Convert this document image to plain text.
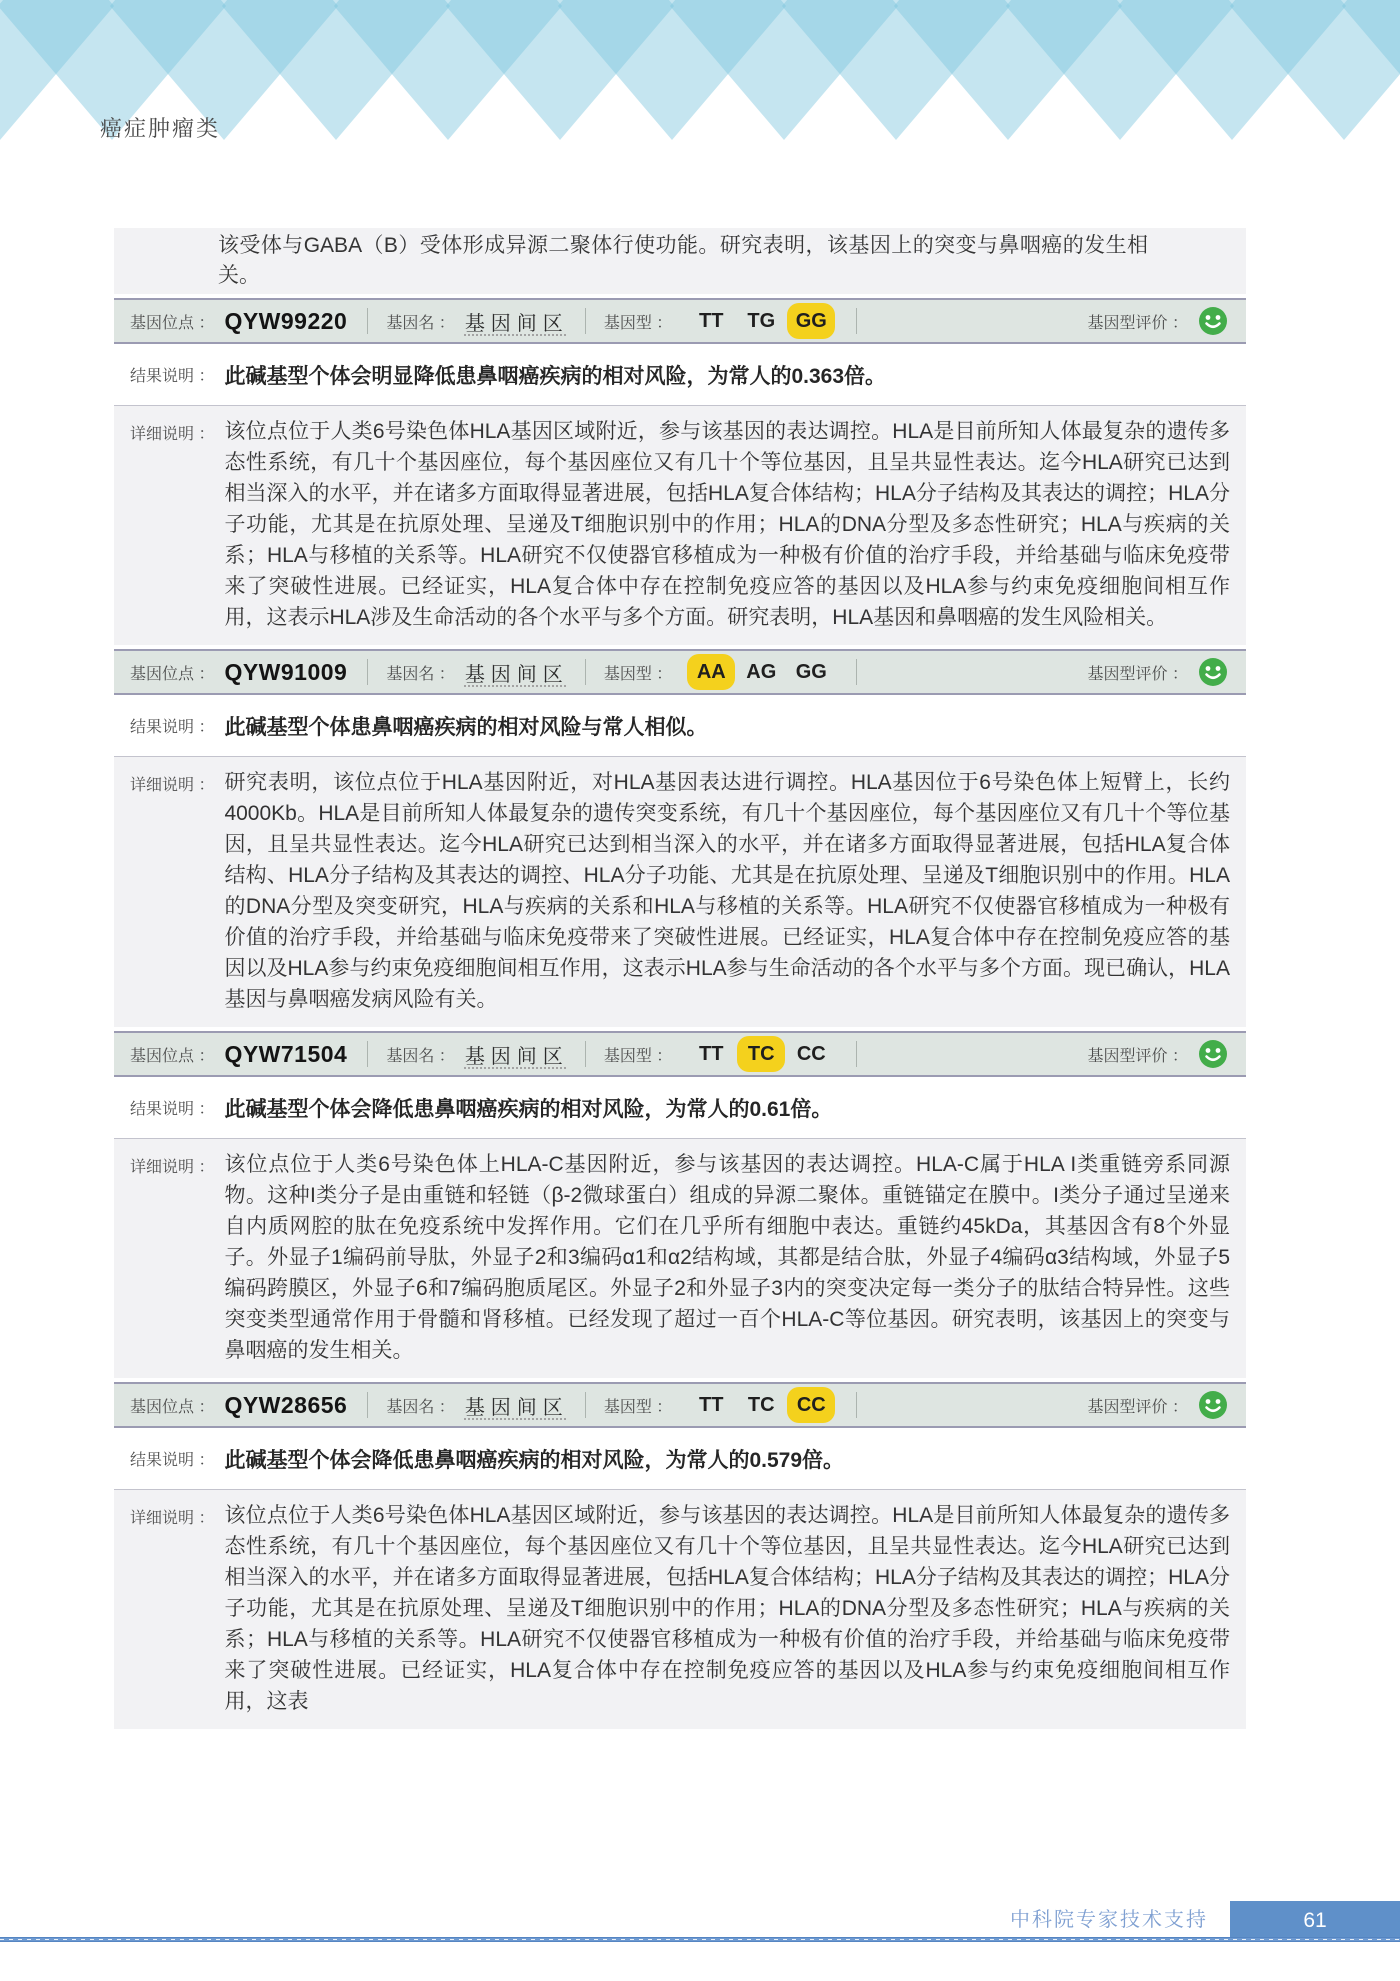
癌症肿瘤类

该受体与GABA（B）受体形成异源二聚体行使功能。研究表明，该基因上的突变与鼻咽癌的发生相关。

基因位点 ： QYW99220 基因名 ： 基因间区 基因型 ：	TT	TG	GG	基因型评价 ：
结果说明 ： 此碱基型个体会明显降低患鼻咽癌疾病的相对风险，为常人的0.363倍。
详细说明 ： 该位点位于人类6号染色体HLA基因区域附近，参与该基因的表达调控。HLA是目前所知人体最复杂的遗传多态性系统，有几十个基因座位，每个基因座位又有几十个等位基因，且呈共显性表达。迄今HLA研究已达到相当深入的水平，并在诸多方面取得显著进展，包括HLA复合体结构；HLA分子结构及其表达的调控；HLA分子功能，尤其是在抗原处理、呈递及T细胞识别中的作用；HLA的DNA分型及多态性研究；HLA与疾病的关系；HLA与移植的关系等。HLA研究不仅使器官移植成为一种极有价值的治疗手段，并给基础与临床免疫带来了突破性进展。已经证实，HLA复合体中存在控制免疫应答的基因以及HLA参与约束免疫细胞间相互作用，这表示HLA涉及生命活动的各个水平与多个方面。研究表明，HLA基因和鼻咽癌的发生风险相关。

基因位点 ： QYW91009 基因名 ： 基因间区 基因型 ：	AA	AG GG	基因型评价 ：
结果说明 ： 此碱基型个体患鼻咽癌疾病的相对风险与常人相似。
详细说明 ： 研究表明，该位点位于HLA基因附近，对HLA基因表达进行调控。HLA基因位于6号染色体上短臂上，长约4000Kb。HLA是目前所知人体最复杂的遗传突变系统，有几十个基因座位，每个基因座位又有几十个等位基因，且呈共显性表达。迄今HLA研究已达到相当深入的水平，并在诸多方面取得显著进展，包括HLA复合体结构、HLA分子结构及其表达的调控、HLA分子功能、尤其是在抗原处理、呈递及T细胞识别中的作用。HLA的DNA分型及突变研究，HLA与疾病的关系和HLA与移植的关系等。HLA研究不仅使器官移植成为一种极有价值的治疗手段，并给基础与临床免疫带来了突破性进展。已经证实，HLA复合体中存在控制免疫应答的基因以及HLA参与约束免疫细胞间相互作用，这表示HLA参与生命活动的各个水平与多个方面。现已确认，HLA基因与鼻咽癌发病风险有关。

基因位点 ： QYW71504 基因名 ： 基因间区 基因型 ：	TT	TC	CC	基因型评价 ：
结果说明 ： 此碱基型个体会降低患鼻咽癌疾病的相对风险，为常人的0.61倍。
详细说明 ： 该位点位于人类6号染色体上HLA-C基因附近，参与该基因的表达调控。HLA-C属于HLA I类重链旁系同源物。这种I类分子是由重链和轻链（β-2微球蛋白）组成的异源二聚体。重链锚定在膜中。I类分子通过呈递来自内质网腔的肽在免疫系统中发挥作用。它们在几乎所有细胞中表达。重链约45kDa，其基因含有8个外显子。外显子1编码前导肽，外显子2和3编码α1和α2结构域，其都是结合肽，外显子4编码α3结构域，外显子5编码跨膜区，外显子6和7编码胞质尾区。外显子2和外显子3内的突变决定每一类分子的肽结合特异性。这些突变类型通常作用于骨髓和肾移植。已经发现了超过一百个HLA-C等位基因。研究表明，该基因上的突变与鼻咽癌的发生相关。

基因位点 ： QYW28656 基因名 ： 基因间区 基因型 ：	TT	TC	CC	基因型评价 ：
结果说明 ： 此碱基型个体会降低患鼻咽癌疾病的相对风险，为常人的0.579倍。
详细说明 ： 该位点位于人类6号染色体HLA基因区域附近，参与该基因的表达调控。HLA是目前所知人体最复杂的遗传多态性系统，有几十个基因座位，每个基因座位又有几十个等位基因，且呈共显性表达。迄今HLA研究已达到相当深入的水平，并在诸多方面取得显著进展，包括HLA复合体结构；HLA分子结构及其表达的调控；HLA分子功能，尤其是在抗原处理、呈递及T细胞识别中的作用；HLA的DNA分型及多态性研究；HLA与疾病的关系；HLA与移植的关系等。HLA研究不仅使器官移植成为一种极有价值的治疗手段，并给基础与临床免疫带来了突破性进展。已经证实，HLA复合体中存在控制免疫应答的基因以及HLA参与约束免疫细胞间相互作用，这表

中科院专家技术支持	61
